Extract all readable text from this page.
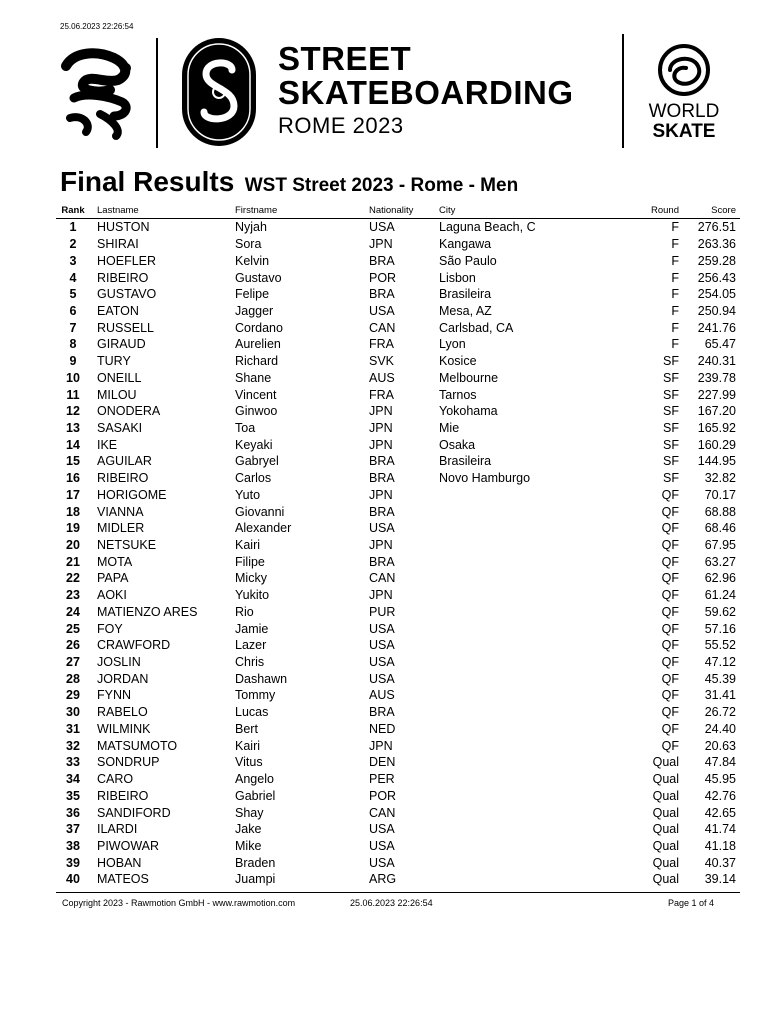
25.06.2023 22:26:54
STREET
SKATEBOARDING
ROME 2023
WORLD
SKATE
Final Results WST Street 2023 - Rome - Men
Rank	Lastname	Firstname	Nationality	City	Round	Score
1	HUSTON	Nyjah	USA	Laguna Beach, C	F	276.51
2	SHIRAI	Sora	JPN	Kangawa	F	263.36
3	HOEFLER	Kelvin	BRA	São Paulo	F	259.28
4	RIBEIRO	Gustavo	POR	Lisbon	F	256.43
5	GUSTAVO	Felipe	BRA	Brasileira	F	254.05
6	EATON	Jagger	USA	Mesa, AZ	F	250.94
7	RUSSELL	Cordano	CAN	Carlsbad, CA	F	241.76
8	GIRAUD	Aurelien	FRA	Lyon	F	65.47
9	TURY	Richard	SVK	Kosice	SF	240.31
10	ONEILL	Shane	AUS	Melbourne	SF	239.78
11	MILOU	Vincent	FRA	Tarnos	SF	227.99
12	ONODERA	Ginwoo	JPN	Yokohama	SF	167.20
13	SASAKI	Toa	JPN	Mie	SF	165.92
14	IKE	Keyaki	JPN	Osaka	SF	160.29
15	AGUILAR	Gabryel	BRA	Brasileira	SF	144.95
16	RIBEIRO	Carlos	BRA	Novo Hamburgo	SF	32.82
17	HORIGOME	Yuto	JPN		QF	70.17
18	VIANNA	Giovanni	BRA		QF	68.88
19	MIDLER	Alexander	USA		QF	68.46
20	NETSUKE	Kairi	JPN		QF	67.95
21	MOTA	Filipe	BRA		QF	63.27
22	PAPA	Micky	CAN		QF	62.96
23	AOKI	Yukito	JPN		QF	61.24
24	MATIENZO ARES	Rio	PUR		QF	59.62
25	FOY	Jamie	USA		QF	57.16
26	CRAWFORD	Lazer	USA		QF	55.52
27	JOSLIN	Chris	USA		QF	47.12
28	JORDAN	Dashawn	USA		QF	45.39
29	FYNN	Tommy	AUS		QF	31.41
30	RABELO	Lucas	BRA		QF	26.72
31	WILMINK	Bert	NED		QF	24.40
32	MATSUMOTO	Kairi	JPN		QF	20.63
33	SONDRUP	Vitus	DEN		Qual	47.84
34	CARO	Angelo	PER		Qual	45.95
35	RIBEIRO	Gabriel	POR		Qual	42.76
36	SANDIFORD	Shay	CAN		Qual	42.65
37	ILARDI	Jake	USA		Qual	41.74
38	PIWOWAR	Mike	USA		Qual	41.18
39	HOBAN	Braden	USA		Qual	40.37
40	MATEOS	Juampi	ARG		Qual	39.14
Copyright 2023 - Rawmotion GmbH - www.rawmotion.com	25.06.2023 22:26:54	Page 1 of 4
